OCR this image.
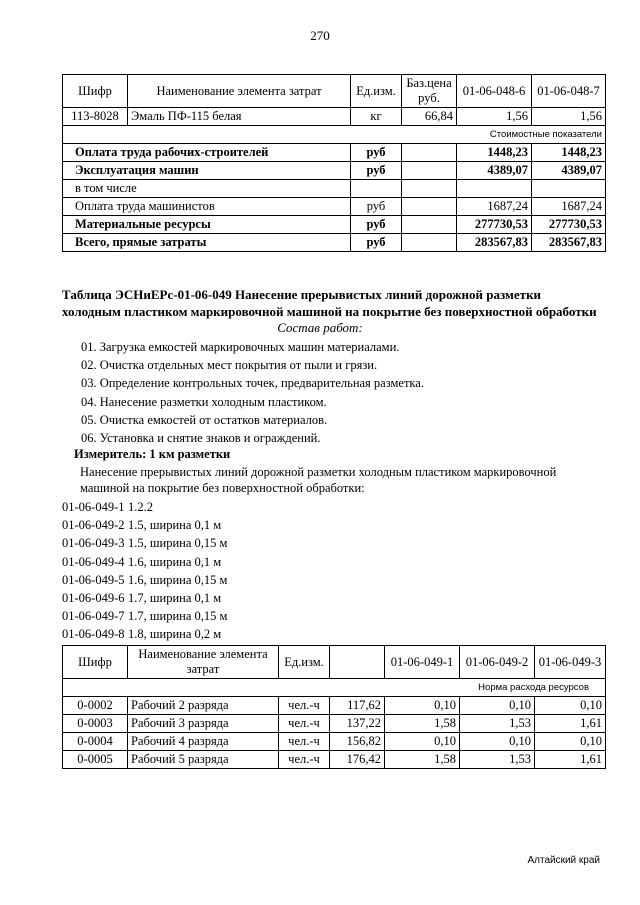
270
Шифр	Наименование элемента затрат	Ед.изм.	Баз.цена руб.	01-06-048-6	01-06-048-7
113-8028	Эмаль ПФ-115 белая	кг	66,84	1,56	1,56
Стоимостные показатели					
Оплата труда рабочих-строителей		руб		1448,23	1448,23
Эксплуатация машин		руб		4389,07	4389,07
в том числе					
Оплата труда машинистов		руб		1687,24	1687,24
Материальные ресурсы		руб		277730,53	277730,53
Всего, прямые затраты		руб		283567,83	283567,83
Таблица ЭСНиЕРс-01-06-049 Нанесение прерывистых линий дорожной разметки
холодным пластиком маркировочной машиной на покрытие без поверхностной обработки
Состав работ:
01. Загрузка емкостей маркировочных машин материалами.
02. Очистка отдельных мест покрытия от пыли и грязи.
03. Определение контрольных точек, предварительная разметка.
04. Нанесение разметки холодным пластиком.
05. Очистка емкостей от остатков материалов.
06. Установка и снятие знаков и ограждений.
Измеритель: 1 км разметки
Нанесение прерывистых линий дорожной разметки холодным пластиком маркировочной машиной на покрытие без поверхностной обработки:
01-06-049-1 1.2.2
01-06-049-2 1.5, ширина 0,1 м
01-06-049-3 1.5, ширина 0,15 м
01-06-049-4 1.6, ширина 0,1 м
01-06-049-5 1.6, ширина 0,15 м
01-06-049-6 1.7, ширина 0,1 м
01-06-049-7 1.7, ширина 0,15 м
01-06-049-8 1.8, ширина 0,2 м
Шифр	Наименование элемента затрат	Ед.изм.		01-06-049-1	01-06-049-2	01-06-049-3
Норма расхода ресурсов						
0-0002	Рабочий 2 разряда	чел.-ч	117,62	0,10	0,10	0,10
0-0003	Рабочий 3 разряда	чел.-ч	137,22	1,58	1,53	1,61
0-0004	Рабочий 4 разряда	чел.-ч	156,82	0,10	0,10	0,10
0-0005	Рабочий 5 разряда	чел.-ч	176,42	1,58	1,53	1,61
Алтайский край
